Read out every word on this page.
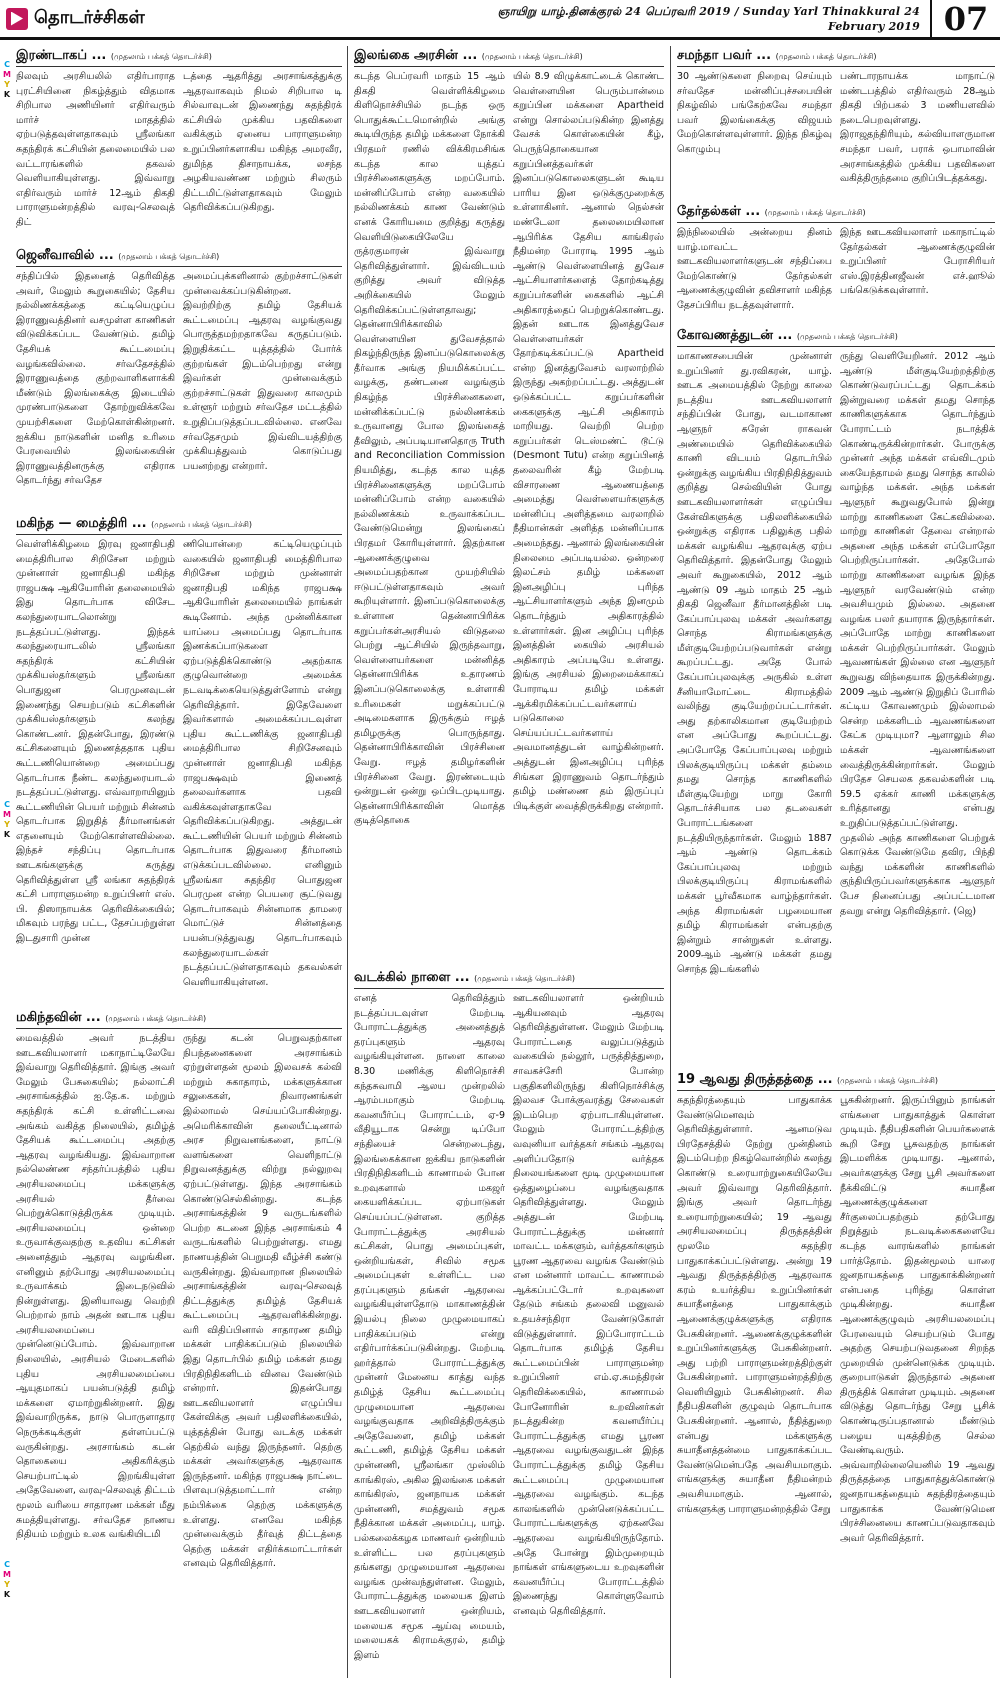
தொடர்ச்சிகள்	ஞாயிறு யாழ்.தினக்குரல் 24 பெப்ரவரி 2019 / Sunday Yarl Thinakkural 24 February 2019 07
C
M
Y
K
C
M
Y
K
C
M
Y
K
இரண்டாகப் ... (முதலாம் பக்கத் தொடர்ச்சி)
நிலவும் அரசியலில் எதிர்பாராத புரட்சியினை நிகழ்த்தும் விதமாக சிறிபால அணியினர் எதிர்வரும் மார்ச் மாதத்தில் ஏற்படுத்தவுள்ளதாகவும் ஸ்ரீலங்கா சுதந்திரக் கட்சியின் தலைமையில் பல வட்டாரங்களில் தகவல் வெளியாகியுள்ளது. இவ்வாறு எதிர்வரும் மார்ச் 12ஆம் திகதி பாராளுமன்றத்தில் வரவு-செலவுத் திட்
டத்தை ஆதரித்து அரசாங்கத்துக்கு ஆதரவாகவும் நிமல் சிறிபால டி சில்வாவுடன் இணைந்து சுதந்திரக் கட்சியில் முக்கிய பதவிகளை வகிக்கும் ஏனைய பாராளுமன்ற உறுப்பினர்களாகிய மகிந்த அமரவீர, துமிந்த திசாநாயக்க, லசந்த அழகியவண்ண மற்றும் சிலரும் திட்டமிட்டுள்ளதாகவும் மேலும் தெரிவிக்கப்படுகிறது.
ஜெனீவாவில் ... (முதலாம் பக்கத் தொடர்ச்சி)
சந்திப்பில் இதனைத் தெரிவித்த அவர், மேலும் கூறுகையில்; தேசிய நல்லிணக்கத்தை கட்டியெழுப்ப இராணுவத்தினர் வசமுள்ள காணிகள் விடுவிக்கப்பட வேண்டும். தமிழ் தேசியக் கூட்டமைப்பு வழங்கவில்லை. சர்வதேசத்தில் இராணுவத்தை குற்றவாளிகளாக்கி மீண்டும் இலங்கைக்கு இடையில் முரண்பாடுகளை தோற்றுவிக்கவே முயற்சிகளை மேற்கொள்கின்றனர். ஐக்கிய நாடுகளின் மனித உரிமை பேரவையில் இலங்கையின் இராணுவத்தினருக்கு எதிராக தொடர்ந்து சர்வதேச
அமைப்புக்களினால் குற்றச்சாட்டுகள் முன்வைக்கப்படுகின்றன. இவற்றிற்கு தமிழ் தேசியக் கூட்டமைப்பு ஆதரவு வழங்குவது பொருத்தமற்றதாகவே கருதப்படும். இறுதிக்கட்ட யுத்தத்தில் போர்க் குற்றங்கள் இடம்பெற்றது என்று இவர்கள் முன்வைக்கும் குற்றச்சாட்டுகள் இதுவரை காலமும் உள்ளூர் மற்றும் சர்வதேச மட்டத்தில் உறுதிப்படுத்தப்படவில்லை. எனவே சர்வதேசமும் இவ்விடயத்திற்கு முக்கியத்துவம் கொடுப்பது பயனற்றது என்றார்.
மகிந்த — மைத்திரி ... (முதலாம் பக்கத் தொடர்ச்சி)
வெள்ளிக்கிழமை இரவு ஜனாதிபதி மைத்திரிபால சிறிசேன மற்றும் முன்னாள் ஜனாதிபதி மகிந்த ராஜபக்ஷ ஆகியோரின் தலைமையில் இது தொடர்பாக விசேட கலந்துரையாடலொன்று நடத்தப்பட்டுள்ளது. இந்தக் கலந்துரையாடலில் ஸ்ரீலங்கா சுதந்திரக் கட்சியின் முக்கியஸ்தர்களும் ஸ்ரீலங்கா பொதுஜன பெரமுனவுடன் இணைந்து செயற்படும் கட்சிகளின் முக்கியஸ்தர்களும் கலந்து கொண்டனர். இதன்போது, இரண்டு கட்சிகளையும் இணைத்ததாக புதிய கூட்டணியொன்றை அமைப்பது தொடர்பாக நீண்ட கலந்துரையாடல் நடத்தப்பட்டுள்ளது. எவ்வாறாயினும் கூட்டணியின் பெயர் மற்றும் சின்னம் தொடர்பாக இறுதித் தீர்மானங்கள் எதனையும் மேற்கொள்ளவில்லை. இந்தச் சந்திப்பு தொடர்பாக ஊடகங்களுக்கு கருத்து தெரிவித்துள்ள ஸ்ரீ லங்கா சுதந்திரக் கட்சி பாராளுமன்ற உறுப்பினர் எஸ். பி. திஸாநாயக்க தெரிவிக்கையில்; மிகவும் பரந்து பட்ட, தேசப்பற்றுள்ள இடதுசாரி முன்ன
ணியொன்றை கட்டியெழுப்பும் வகையில் ஜனாதிபதி மைத்திரிபால சிறிசேன மற்றும் முன்னாள் ஜனாதிபதி மகிந்த ராஜபக்ஷ ஆகியோரின் தலைமையில் நாங்கள் கூடினோம். அந்த முன்னிக்கான யாப்பை அமைப்பது தொடர்பாக இணக்கப்பாடுகளை ஏற்படுத்திக்கொண்டு அதற்காக குழுவொன்றை அமைக்க நடவடிக்கையெடுத்துள்ளோம் என்று தெரிவித்தார். இதேவேளை இவர்களால் அமைக்கப்படவுள்ள புதிய கூட்டணிக்கு ஜனாதிபதி மைத்திரிபால சிறிசேனவும் முன்னாள் ஜனாதிபதி மகிந்த ராஜபக்ஷவும் இணைத் தலைவர்களாக பதவி வகிக்கவுள்ளதாகவே தெரிவிக்கப்படுகிறது. அத்துடன் கூட்டணியின் பெயர் மற்றும் சின்னம் தொடர்பாக இதுவரை தீர்மானம் எடுக்கப்படவில்லை. எனினும் ஸ்ரீலங்கா சுதந்திர பொதுஜன பெரமுன என்ற பெயரை சூட்டுவது தொடர்பாகவும் சின்னமாக தாமரை மொட்டுச் சின்னத்தை பயன்படுத்துவது தொடர்பாகவும் கலந்துரையாடல்கள் நடத்தப்பட்டுள்ளதாகவும் தகவல்கள் வெளியாகியுள்ளன.
மகிந்தவின் ... (முதலாம் பக்கத் தொடர்ச்சி)
மைவத்தில் அவர் நடத்திய ஊடகவியலாளர் மகாநாட்டிலேயே இவ்வாறு தெரிவித்தார். இங்கு அவர் மேலும் பேசுகையில்; நல்லாட்சி அரசாங்கத்தில் ஐ.தே.க. மற்றும் சுதந்திரக் கட்சி உள்ளிட்டவை அங்கம் வகித்த நிலையில், தமிழ்த் தேசியக் கூட்டமைப்பு அதற்கு ஆதரவு வழங்கியது. இவ்வாறான நல்லெண்ண சந்தர்ப்பத்தில் புதிய அரசியலமைப்பு மக்களுக்கு அரசியல் தீர்வை பெற்றுக்கொடுத்திருக்க முடியும். அரசியலமைப்பு ஒன்றை உருவாக்குவதற்கு உதவிய கட்சிகள் அனைத்தும் ஆதரவு வழங்கின. எனினும் தற்போது அரசியலமைப்பு உருவாக்கம் இடைநடுவில் நின்றுள்ளது. இனியாவது வெற்றி பெற்றால் நாம் அதன் ஊடாக புதிய அரசியலமைப்பை முன்னெடுப்போம். இவ்வாறான நிலையில், அரசியல் மேடைகளில் புதிய அரசியலமைப்பை ஆயுதமாகப் பயன்படுத்தி தமிழ் மக்களை ஏமாற்றுகின்றனர். இது இவ்வாறிருக்க, நாடு பொருளாதார நெருக்கடிக்குள் தள்ளப்பட்டு வருகின்றது. அரசாங்கம் கடன் தொகையை அதிகரிக்கும் செயற்பாட்டில் இறங்கியுள்ள அதேவேளை, வரவு-செலவுத் திட்டம் மூலம் வரியை சாதாரண மக்கள் மீது சுமத்தியுள்ளது. சர்வதேச நாணய நிதியம் மற்றும் உலக வங்கியிடமி
ருந்து கடன் பெறுவதற்கான நிபந்தனைகளை அரசாங்கம் ஏற்றுள்ளதன் மூலம் இலவசக் கல்வி மற்றும் சுகாதாரம், மக்களுக்கான சலுகைகள், நிவாரணங்கள் இல்லாமல் செய்யப்போகின்றது. அமெரிக்காவின் தலையீட்டினால் அரச நிறுவனங்களை, நாட்டு வளங்களை வெளிநாட்டு நிறுவனத்துக்கு விற்று நல்லுறவு ஏற்பட்டுள்ளது. இந்த அரசாங்கம் கொண்டுசெல்கின்றது. கடந்த அரசாங்கத்தின் 9 வருடங்களில் பெற்ற கடனை இந்த அரசாங்கம் 4 வருடங்களில் பெற்றுள்ளது. எமது நாணயத்தின் பெறுமதி வீழ்ச்சி கண்டு வருகின்றது. இவ்வாறான நிலையில் அரசாங்கத்தின் வரவு-செலவுத் திட்டத்துக்கு தமிழ்த் தேசியக் கூட்டமைப்பு ஆதரவளிக்கின்றது. வரி விதிப்பினால் சாதாரண தமிழ் மக்கள் பாதிக்கப்படும் நிலையில் இது தொடர்பில் தமிழ் மக்கள் தமது பிரதிநிதிகளிடம் வினவ வேண்டும் என்றார். இதன்போது ஊடகவியலாளர் எழுப்பிய கேள்விக்கு அவர் பதிலளிக்கையில், யுத்தத்தின் போது வடக்கு மக்கள் தெற்கில் வந்து இருந்தனர். தெற்கு மக்கள் அவர்களுக்கு ஆதரவாக இருந்தனர். மகிந்த ராஜபக்ஷ நாட்டை பிளவுபடுத்தமாட்டார் என்ற நம்பிக்கை தெற்கு மக்களுக்கு உள்ளது. எனவே மகிந்த முன்வைக்கும் தீர்வுத் திட்டத்தை தெற்கு மக்கள் எதிர்க்கமாட்டார்கள் எனவும் தெரிவித்தார்.
இலங்கை அரசின் ... (முதலாம் பக்கத் தொடர்ச்சி)
கடந்த பெப்ரவரி மாதம் 15 ஆம் திகதி வெள்ளிக்கிழமை கிளிநொச்சியில் நடந்த ஒரு பொதுக்கூட்டமொன்றில் அங்கு கூடியிருந்த தமிழ் மக்களை நோக்கி பிரதமர் ரணில் விக்கிரமசிங்க கடந்த கால யுத்தப் பிரச்சினைகளுக்கு மறப்போம். மன்னிப்போம் என்ற வகையில் நல்லிணக்கம் காண வேண்டும் எனக் கோரியமை குறித்து கருத்து வெளியிடுகையிலேயே ருத்ரகுமாரன் இவ்வாறு தெரிவித்துள்ளார். இவ்விடயம் குறித்து அவர் விடுத்த அறிக்கையில் மேலும் தெரிவிக்கப்பட்டுள்ளதாவது; தென்னாபிரிக்காவில் வெள்ளையின துவேசத்தால் நிகழ்ந்திருந்த இனப்படுகொலைக்கு தீர்வாக அங்கு நியமிக்கப்பட்ட வழக்கு, தண்டனை வழங்கும் நிகழ்ந்த பிரச்சினைகளை, மன்னிக்கப்பட்டு நல்லிணக்கம் உருவானது போல இலங்கைத் தீவிலும், அப்படியானதொரு Truth and Reconciliation Commission நியமித்து, கடந்த கால யுத்த பிரச்சினைகளுக்கு மறப்போம் மன்னிப்போம் என்ற வகையில் நல்லிணக்கம் உருவாக்கப்பட வேண்டுமென்று இலங்கைப் பிரதமர் கோரியுள்ளார். இதற்கான ஆணைக்குழுவை அமைப்பதற்கான முயற்சியில் ஈடுபட்டுள்ளதாகவும் அவர் கூறியுள்ளார். இனப்படுகொலைக்கு உள்ளான தென்னாபிரிக்க கறுப்பர்கள்அரசியல் விடுதலை பெற்று ஆட்சியில் இருந்தவாறு, வெள்ளையர்களை மன்னித்த தென்னாபிரிக்க உதாரணம் இனப்படுகொலைக்கு உள்ளாகி உரிமைகள் மறுக்கப்பட்டு அடிமைகளாக இருக்கும் ஈழத் தமிழருக்கு பொருந்தாது. தென்னாபிரிக்காவின் பிரச்சினை வேறு. ஈழத் தமிழர்களின் பிரச்சினை வேறு. இரண்டையும் ஒன்றுடன் ஒன்று ஒப்பிடமுடியாது. தென்னாபிரிக்காவின் மொத்த குடித்தொகை
யில் 8.9 விழுக்காட்டைக் கொண்ட வெள்ளையின பெரும்பான்மை கறுப்பின மக்களை Apartheid என்று சொல்லப்படுகின்ற இனத்து வேசக் கொள்கையின் கீழ், பெருந்தொகையான கறுப்பினத்தவர்கள் இனப்படுகொலைகளுடன் கூடிய பாரிய இன ஒடுக்குமுறைக்கு உள்ளாகினர். ஆனால் நெல்சன் மண்டேலா தலைமையிலான ஆபிரிக்க தேசிய காங்கிரஸ் நீதிமன்ற போராடி 1995 ஆம் ஆண்டு வெள்ளையினத் துவேச ஆட்சியாளர்களைத் தோற்கடித்து கறுப்பர்களின் கைகளில் ஆட்சி அதிகாரத்தைப் பெற்றுக்கொண்டது. இதன் ஊடாக இனத்துவேச வெள்ளையர்கள் தோற்கடிக்கப்பட்டு Apartheid என்ற இனத்துவேசம் வரலாற்றில் இருந்து அகற்றப்பட்டது. அத்துடன் ஒடுக்கப்பட்ட கறுப்பர்களின் கைகளுக்கு ஆட்சி அதிகாரம் மாறியது. வெற்றி பெற்ற கறுப்பர்கள் டெஸ்மண்ட் டூட்டு (Desmont Tutu) என்ற கறுப்பினத் தலைவரின் கீழ் மேற்படி விசாரணை ஆணையத்தை அமைத்து வெள்ளையர்களுக்கு மன்னிப்பு அளித்தமை வரலாறில் நீதிமான்கள் அளித்த மன்னிப்பாக அமைந்தது. ஆனால் இலங்கையின் நிலைமை அப்படியல்ல. ஒன்றரை இலட்சம் தமிழ் மக்களை இனஅழிப்பு புரிந்த ஆட்சியாளர்களும் அந்த இனமும் தொடர்ந்தும் அதிகாரத்தில் உள்ளார்கள். இன அழிப்பு புரிந்த இனத்தின் கையில் அரசியல் அதிகாரம் அப்படியே உள்ளது. இங்கு அரசியல் இறைமைக்காகப் போராடிய தமிழ் மக்கள் ஆக்கிரமிக்கப்பட்டவர்களாய் படுகொலை செய்யப்பட்டவர்களாய் அவமானத்துடன் வாழ்கின்றனர். அத்துடன் இனஅழிப்பு புரிந்த சிங்கள இராணுவம் தொடர்ந்தும் தமிழ் மண்ணை தம் இருப்புப் பிடிக்குள் வைத்திருக்கிறது என்றார்.
வடக்கில் நாளை ... (முதலாம் பக்கத் தொடர்ச்சி)
எனத் தெரிவித்தும் நடத்தப்படவுள்ள மேற்படி போராட்டத்துக்கு அனைத்துத் தரப்புகளும் ஆதரவு வழங்கியுள்ளன. நாளை காலை 8.30 மணிக்கு கிளிநொச்சி கந்தசுவாமி ஆலய முன்றலில் ஆரம்பமாகும் மேற்படி கவனயீர்ப்பு போராட்டம், ஏ-9 வீதியூடாக சென்று டிப்போ சந்தியைச் சென்றடைந்து, இலங்கைக்கான ஐக்கிய நாடுகளின் பிரதிநிதிகளிடம் காணாமல் போன உறவுகளால் மகஜர் கையளிக்கப்பட ஏற்பாடுகள் செய்யப்பட்டுள்ளன. குறித்த போராட்டத்துக்கு அரசியல் கட்சிகள், பொது அமைப்புகள், ஒன்றியங்கள், சிவில் சமூக அமைப்புகள் உள்ளிட்ட பல தரப்புகளும் தங்கள் ஆதரவை வழங்கியுள்ளதோடு மாகாணத்தின் இயல்பு நிலை முழுமையாகப் பாதிக்கப்படும் என்று எதிர்பார்க்கப்படுகின்றது. மேற்படி ஹர்த்தால் போராட்டத்துக்கு முன்னர் மேனைய காத்து வந்த தமிழ்த் தேசிய கூட்டமைப்பு முழுமையான ஆதரவை வழங்குவதாக அறிவித்திருக்கும் அதேவேளை, தமிழ் மக்கள் கூட்டணி, தமிழ்த் தேசிய மக்கள் முன்னணி, ஸ்ரீலங்கா முஸ்லிம் காங்கிரஸ், அகில இலங்கை மக்கள் காங்கிரஸ், ஜனநாயக மக்கள் முன்னணி, சமத்துவம் சமூக நீதிக்கான மக்கள் அமைப்பு, யாழ். பல்கலைக்கழக மாணவர் ஒன்றியம் உள்ளிட்ட பல தரப்புகளும் தங்களது முழுமையான ஆதரவை வழங்க முன்வந்துள்ளன. மேலும், போராட்டத்துக்கு மலையக இளம் ஊடகவியலாளர் ஒன்றியம், மலையக சமூக ஆய்வு மையம், மலையகக் கிராமக்குரல், தமிழ் இளம்
ஊடகவியலாளர் ஒன்றியம் ஆகியனவும் ஆதரவு தெரிவித்துள்ளன. மேலும் மேற்படி போராட்டதை வலுப்படுத்தும் வகையில் நல்லூர், பருத்தித்துறை, சாவகச்சேரி போன்ற பகுதிகளிலிருந்து கிளிநொச்சிக்கு இலவச போக்குவரத்து சேவைகள் இடம்பெற ஏற்பாடாகியுள்ளன. மேலும் போராட்டத்திற்கு வவுனியா வர்த்தகர் சங்கம் ஆதரவு அளிப்பதோடு வர்த்தக நிலையங்களை மூடி முழுமையான ஒத்துழைப்பை வழங்குவதாக தெரிவித்துள்ளது. மேலும் அத்துடன் மேற்படி போராட்டத்துக்கு மன்னார் மாவட்ட மக்களும், வர்த்தகர்களும் பூரண ஆதரவை வழங்க வேண்டும் என மன்னார் மாவட்ட காணாமல் ஆக்கப்பட்டோர் உறவுகளை தேடும் சங்கம் தலைவி மனுவல் உதயச்சந்திரா வேண்டுகோள் விடுத்துள்ளார். இப்போராட்டம் தொடர்பாக தமிழ்த் தேசிய கூட்டமைப்பின் பாராளுமன்ற உறுப்பினர் எம்.ஏ.சுமந்திரன் தெரிவிக்கையில், காணாமல் போனோரின் உறவினர்கள் நடத்துகின்ற கவனயீர்ப்பு போராட்டத்துக்கு எமது பூரண ஆதரவை வழங்குவதுடன் இந்த போராட்டத்துக்கு தமிழ் தேசிய கூட்டமைப்பு முழுமையான ஆதரவை வழங்கும். கடந்த காலங்களில் முன்னெடுக்கப்பட்ட போராட்டங்களுக்கு ஏற்கனவே ஆதரவை வழங்கியிருந்தோம். அதே போன்று இம்முறையும் நாங்கள் எங்களுடைய உறவுகளின் கவனயீர்ப்பு போராட்டத்தில் இணைந்து கொள்ளுவோம் எனவும் தெரிவித்தார்.
சமந்தா பவர் ... (முதலாம் பக்கத் தொடர்ச்சி)
30 ஆண்டுகளை நிறைவு செய்யும் சர்வதேச மன்னிப்புச்சபையின் நிகழ்வில் பங்கேற்கவே சமந்தா பவர் இலங்கைக்கு விஜயம் மேற்கொள்ளவுள்ளார். இந்த நிகழ்வு கொழும்பு
பண்டாரநாயக்க மாநாட்டு மண்டபத்தில் எதிர்வரும் 28ஆம் திகதி பிற்பகல் 3 மணியளவில் நடைபெறவுள்ளது. இராஜதந்திரியும், கல்வியாளருமான சமந்தா பவர், பராக் ஒபாமாவின் அரசாங்கத்தில் முக்கிய பதவிகளை வகித்திருந்தமை குறிப்பிடத்தக்கது.
தேர்தல்கள் ... (முதலாம் பக்கத் தொடர்ச்சி)
இந்நிலையில் அன்றைய தினம் யாழ்.மாவட்ட ஊடகவியலாளர்களுடன் சந்திப்பை மேற்கொண்டு தேர்தல்கள் ஆணைக்குழுவின் தவிசாளர் மகிந்த தேசப்பிரிய நடத்தவுள்ளார்.
இந்த ஊடகவியலாளர் மகாநாட்டில் தேர்தல்கள் ஆணைக்குழுவின் உறுப்பினர் பேராசிரியர் எஸ்.இரத்தினஜீவன் எச்.ஹூல் பங்கெடுக்கவுள்ளார்.
கோவணத்துடன் ... (முதலாம் பக்கத் தொடர்ச்சி)
மாகாணசபையின் முன்னாள் உறுப்பினர் து.ரவிகரன், யாழ். ஊடக அமையத்தில் நேற்று காலை நடத்திய ஊடகவியலாளர் சந்திப்பின் போது, வடமாகாண ஆளுநர் சுரேன் ராகவன் அண்மையில் தெரிவிக்கையில் காணி விடயம் தொடர்பில் ஒன்றுக்கு வழங்கிய பிரதிநிதித்துவம் குறித்து செல்வியின் போது ஊடகவியலாளர்கள் எழுப்பிய கேள்விகளுக்கு பதிலளிக்கையில் ஒன்றுக்கு எதிராக பதிலுக்கு பதில் மக்கள் வழங்கிய ஆதரவுக்கு ஏற்ப தெரிவித்தார். இதன்போது மேலும் அவர் கூறுகையில், 2012 ஆம் ஆண்டு 09 ஆம் மாதம் 25 ஆம் திகதி ஜெனீவா தீர்மானத்தின் படி கேப்பாப்புலவு மக்கள் அவர்களது சொந்த கிராமங்களுக்கு மீள்குடியேற்றப்படுவார்கள் என்று கூறப்பட்டது. அதே போல் கேப்பாப்புலவுக்கு அருகில் உள்ள சீனியாமோட்டை கிராமத்தில் வலிந்து குடியேற்றப்பட்டார்கள். அது தற்காலிகமான குடியேற்றம் என அப்போது கூறப்பட்டது. அப்போதே கேப்பாப்புலவு மற்றும் பிலக்குடியிருப்பு மக்கள் தம்மை தமது சொந்த காணிகளில் மீள்குடியேற்று மாறு கோரி தொடர்ச்சியாக பல தடவைகள் போராட்டங்களை நடத்தியிருந்தார்கள். மேலும் 1887 ஆம் ஆண்டு தொடக்கம் கேப்பாப்புலவு மற்றும் பிலக்குடியிருப்பு கிராமங்களில் மக்கள் பூர்வீகமாக வாழ்ந்தார்கள். அந்த கிராமங்கள் பழமையான தமிழ் கிராமங்கள் என்பதற்கு இன்றும் சான்றுகள் உள்ளது. 2009ஆம் ஆண்டு மக்கள் தமது சொந்த இடங்களில்
ருந்து வெளியேறினர். 2012 ஆம் ஆண்டு மீள்குடியேற்றத்திற்கு கொண்டுவரப்பட்டது தொடக்கம் இன்றுவரை மக்கள் தமது சொந்த காணிகளுக்காக தொடர்ந்தும் போராட்டம் நடாத்திக் கொண்டிருக்கின்றார்கள். போருக்கு முன்னர் அந்த மக்கள் எவ்விடமும் கையேந்தாமல் தமது சொந்த காலில் வாழ்ந்த மக்கள். அந்த மக்கள் ஆளுநர் கூறுவதுபோல் இன்று மாற்று காணிகளை கேட்கவில்லை. மாற்று காணிகள் தேவை என்றால் அதனை அந்த மக்கள் எப்போதோ பெற்றிருப்பார்கள். அதேபோல் மாற்று காணிகளை வழங்க இந்த ஆளுநர் வரவேண்டும் என்ற அவசியமும் இல்லை. அதனை வழங்க பலர் தயாராக இருந்தார்கள். அப்போதே மாற்று காணிகளை மக்கள் பெற்றிருப்பார்கள். மேலும் ஆவணங்கள் இல்லை என ஆளுநர் கூறுவது விந்தையாக இருக்கின்றது. 2009 ஆம் ஆண்டு இறுதிப் போரில் கட்டிய கோவணமும் இல்லாமல் சென்ற மக்களிடம் ஆவணங்களை கேட்க முடியுமா? ஆளாலும் சில மக்கள் ஆவணங்களை வைத்திருக்கின்றார்கள். மேலும் பிரதேச செயலக தகவல்களின் படி 59.5 ஏக்கர் காணி மக்களுக்கு உரித்தானது என்பது உறுதிப்படுத்தப்பட்டுள்ளது. முதலில் அந்த காணிகளை பெற்றுக் கொடுக்க வேண்டுமே தவிர, பிந்தி வந்து மக்களின் காணிகளில் குந்தியிருப்பவர்களுக்காக ஆளுநர் பேச நினைப்பது அப்பட்டமான தவறு என்று தெரிவித்தார். (ஜெ)
19 ஆவது திருத்தத்தை ... (முதலாம் பக்கத் தொடர்ச்சி)
சுதந்திரத்தையும் பாதுகாக்க வேண்டுமெனவும் தெரிவித்துள்ளார். ஆனமடுவ பிரதேசத்தில் நேற்று முன்தினம் இடம்பெற்ற நிகழ்வொன்றில் கலந்து கொண்டு உரையாற்றுகையிலேயே அவர் இவ்வாறு தெரிவித்தார். இங்கு அவர் தொடர்ந்து உரையாற்றுகையில்; 19 ஆவது அரசியலமைப்பு திருத்தத்தின் மூலமே சுதந்திர பாதுகாக்கப்பட்டுள்ளது. அன்று 19 ஆவது திருத்தத்திற்கு ஆதரவாக கரம் உயர்த்திய உறுப்பினர்கள் சுயாதீனத்தை பாதுகாக்கும் ஆணைக்குழுக்களுக்கு எதிராக பேசுகின்றனர். ஆணைக்குழுக்களின் உறுப்பினர்களுக்கு பேசுகின்றனர். அது பற்றி பாராளுமன்றத்திற்குள் பேசுகின்றனர். பாராளுமன்றத்திற்கு வெளியிலும் பேசுகின்றனர். சில நீதிபதிகளின் குழுவும் தொடர்பாக பேசுகின்றனர். ஆனால், நீதித்துறை என்பது மக்களுக்கு சுயாதீனத்தன்மை பாதுகாக்கப்பட வேண்டுமென்பதே அவசியமாகும். எங்களுக்கு சுயாதீன நீதிமன்றம் அவசியமாகும். ஆனால், எங்களுக்கு பாராளுமன்றத்தில் சேறு
பூசுகின்றனர். இருப்பினும் நாங்கள் எங்களை பாதுகாத்துக் கொள்ள முடியும். நீதிபதிகளின் பெயர்களைக் கூறி சேறு பூசுவதற்கு நாங்கள் இடமளிக்க முடியாது. ஆனால், அவர்களுக்கு சேறு பூசி அவர்களை நீக்கிவிட்டு சுயாதீன ஆணைக்குழுக்களை சீர்குலைப்பதற்கும் தற்போது நிறுத்தும் நடவடிக்கைகளையே கடந்த வாரங்களில் நாங்கள் பார்த்தோம். இதன்மூலம் யாரை ஜனநாயகத்தை பாதுகாக்கின்றனர் என்பதை புரிந்து கொள்ள முடிகின்றது. சுயாதீன ஆணைக்குழுவும் அரசியலமைப்பு பேரவையும் செயற்படும் போது அதற்கு செயற்படுவதனை சிறந்த முறையில் முன்னெடுக்க முடியும். குறைபாடுகள் இருந்தால் அதனை திருத்திக் கொள்ள முடியும். அதனை விடுத்து தொடர்ந்து சேறு பூசிக் கொண்டிருப்பதானால் மீண்டும் பழைய யுகத்திற்கு செல்ல வேண்டிவரும். அவ்வாறில்லையெனில் 19 ஆவது திருத்தத்தை பாதுகாத்துக்கொண்டு ஜனநாயகத்தையும் சுதந்திரத்தையும் பாதுகாக்க வேண்டுமென பிரச்சினையை காணப்படுவதாகவும் அவர் தெரிவித்தார்.
